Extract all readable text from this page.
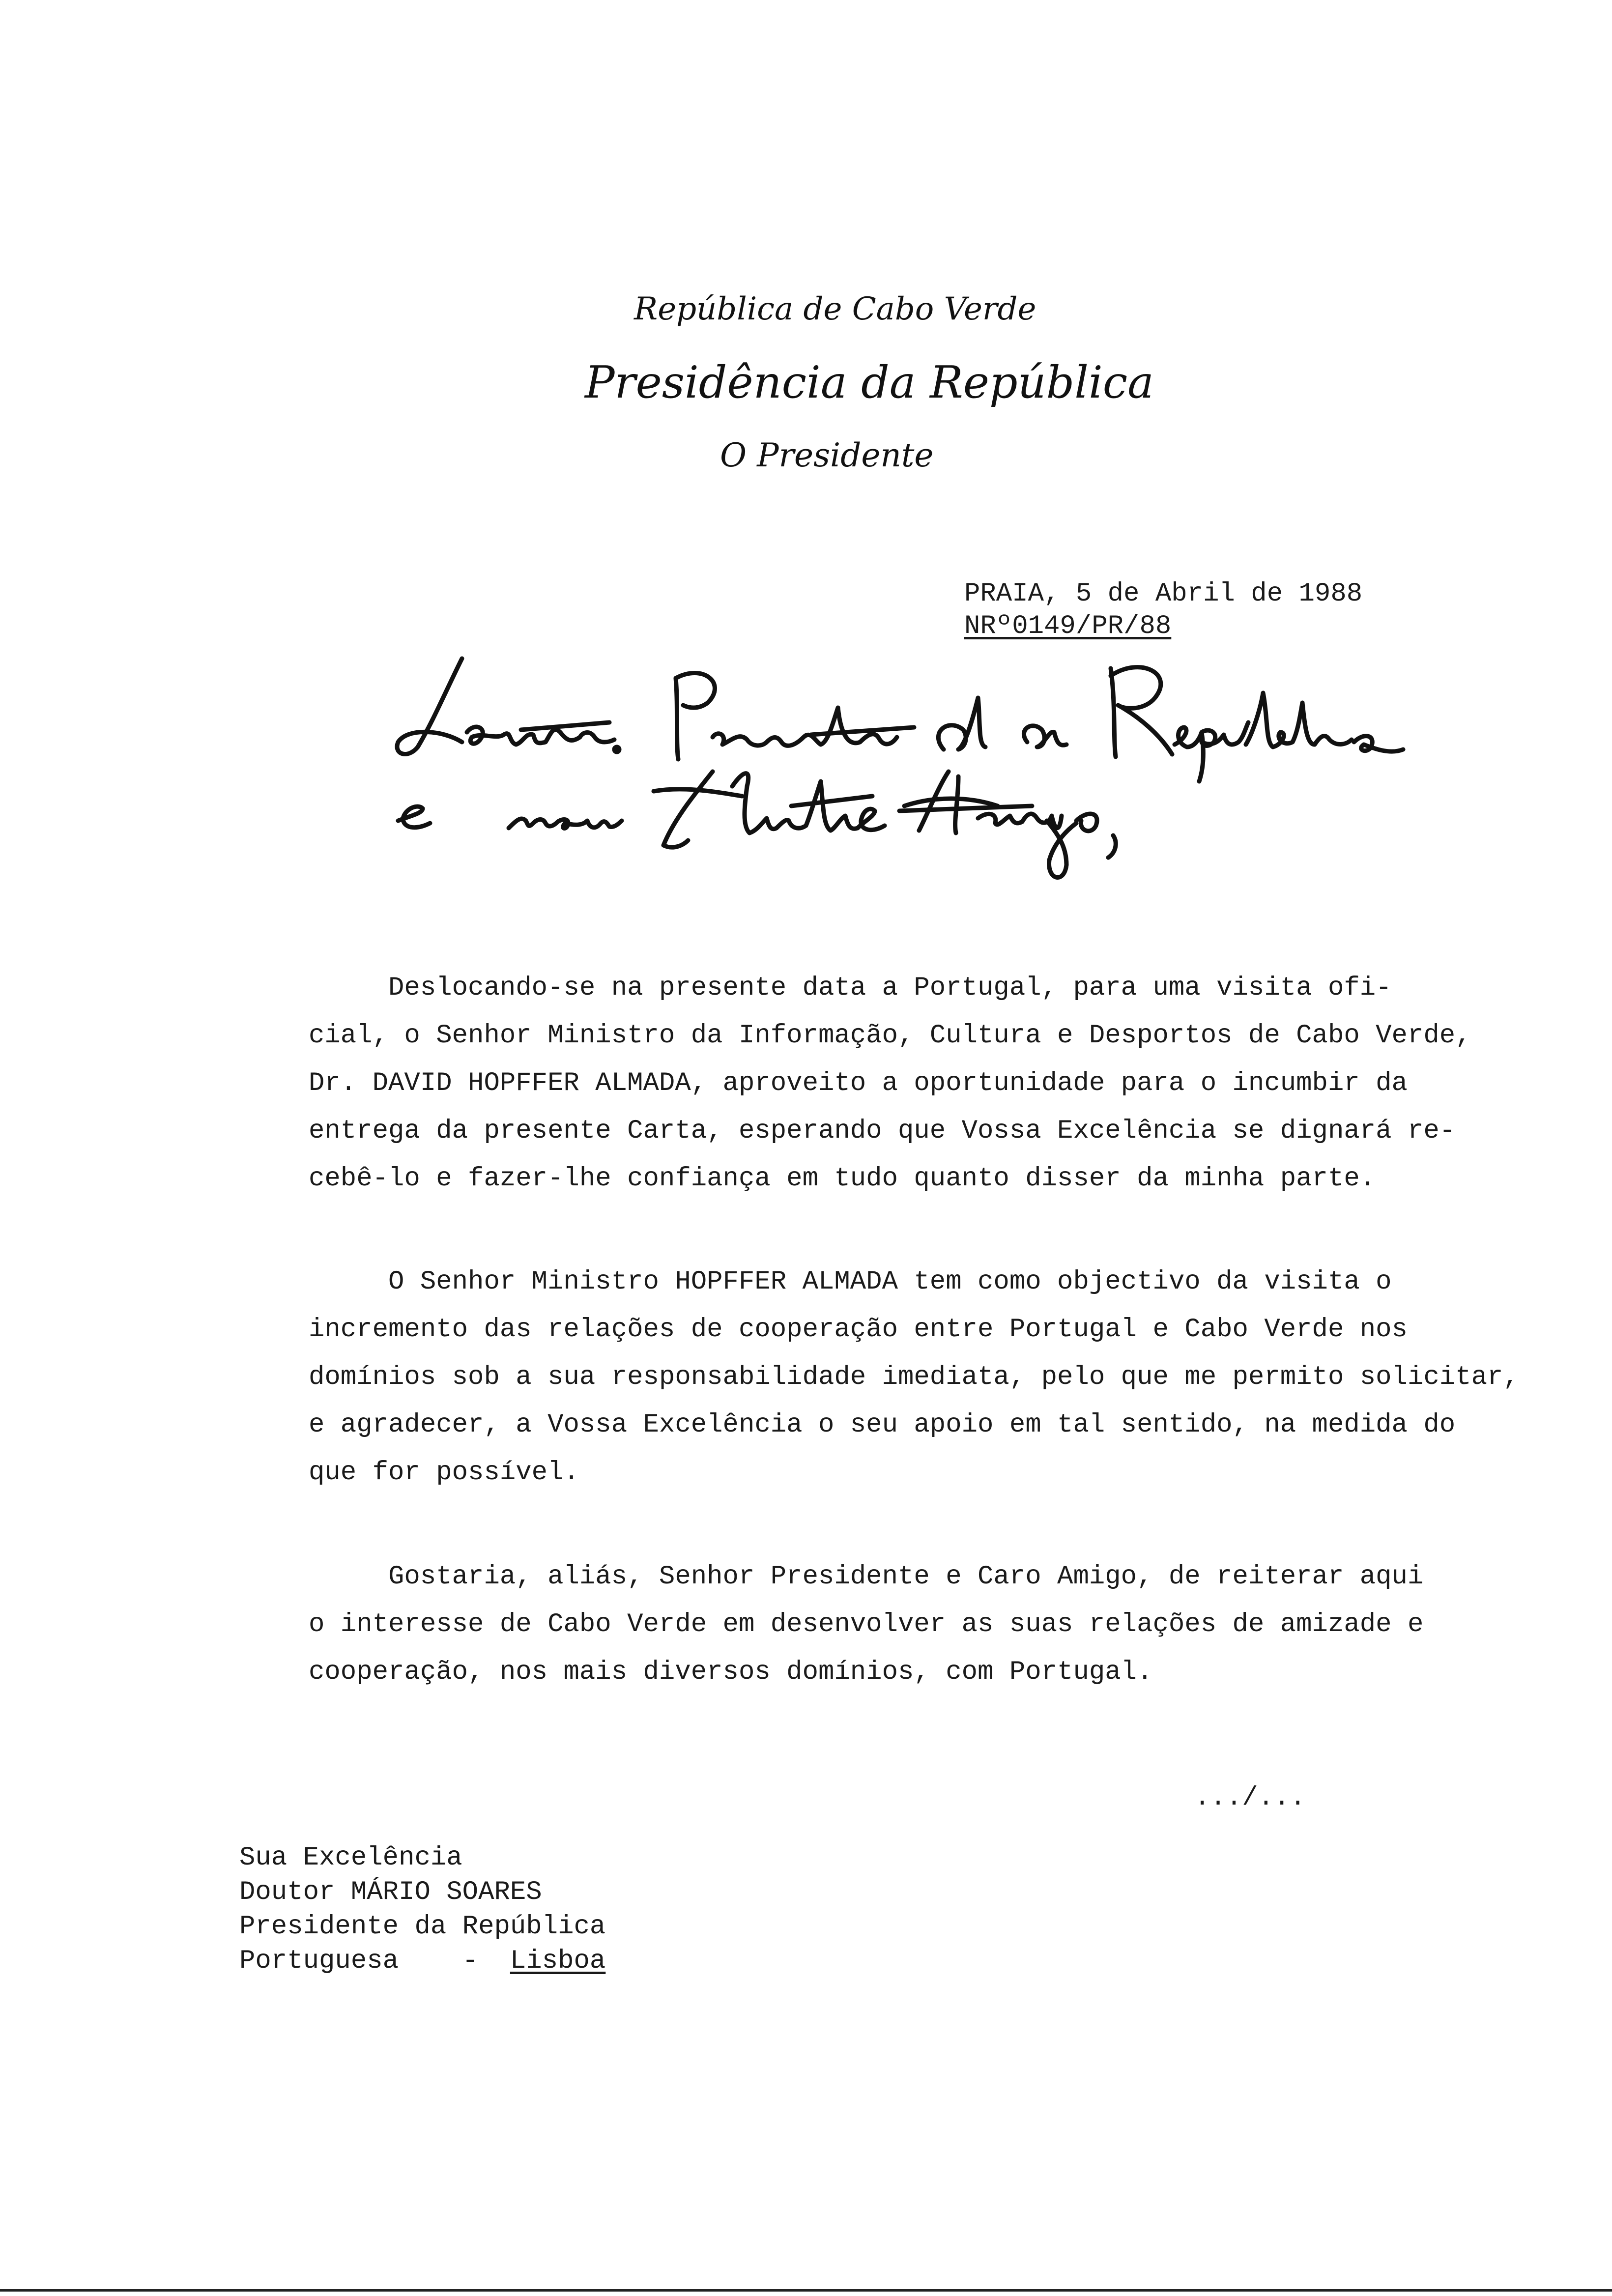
República de Cabo Verde
Presidência da República
O Presidente
PRAIA, 5 de Abril de 1988
NRº0149/PR/88
Deslocando-se na presente data a Portugal, para uma visita ofi-
cial, o Senhor Ministro da Informação, Cultura e Desportos de Cabo Verde,
Dr. DAVID HOPFFER ALMADA, aproveito a oportunidade para o incumbir da
entrega da presente Carta, esperando que Vossa Excelência se dignará re-
cebê-lo e fazer-lhe confiança em tudo quanto disser da minha parte.
O Senhor Ministro HOPFFER ALMADA tem como objectivo da visita o
incremento das relações de cooperação entre Portugal e Cabo Verde nos
domínios sob a sua responsabilidade imediata, pelo que me permito solicitar,
e agradecer, a Vossa Excelência o seu apoio em tal sentido, na medida do
que for possível.
Gostaria, aliás, Senhor Presidente e Caro Amigo, de reiterar aqui
o interesse de Cabo Verde em desenvolver as suas relações de amizade e
cooperação, nos mais diversos domínios, com Portugal.
.../...
Sua Excelência
Doutor MÁRIO SOARES
Presidente da República
Portuguesa    -  Lisboa
